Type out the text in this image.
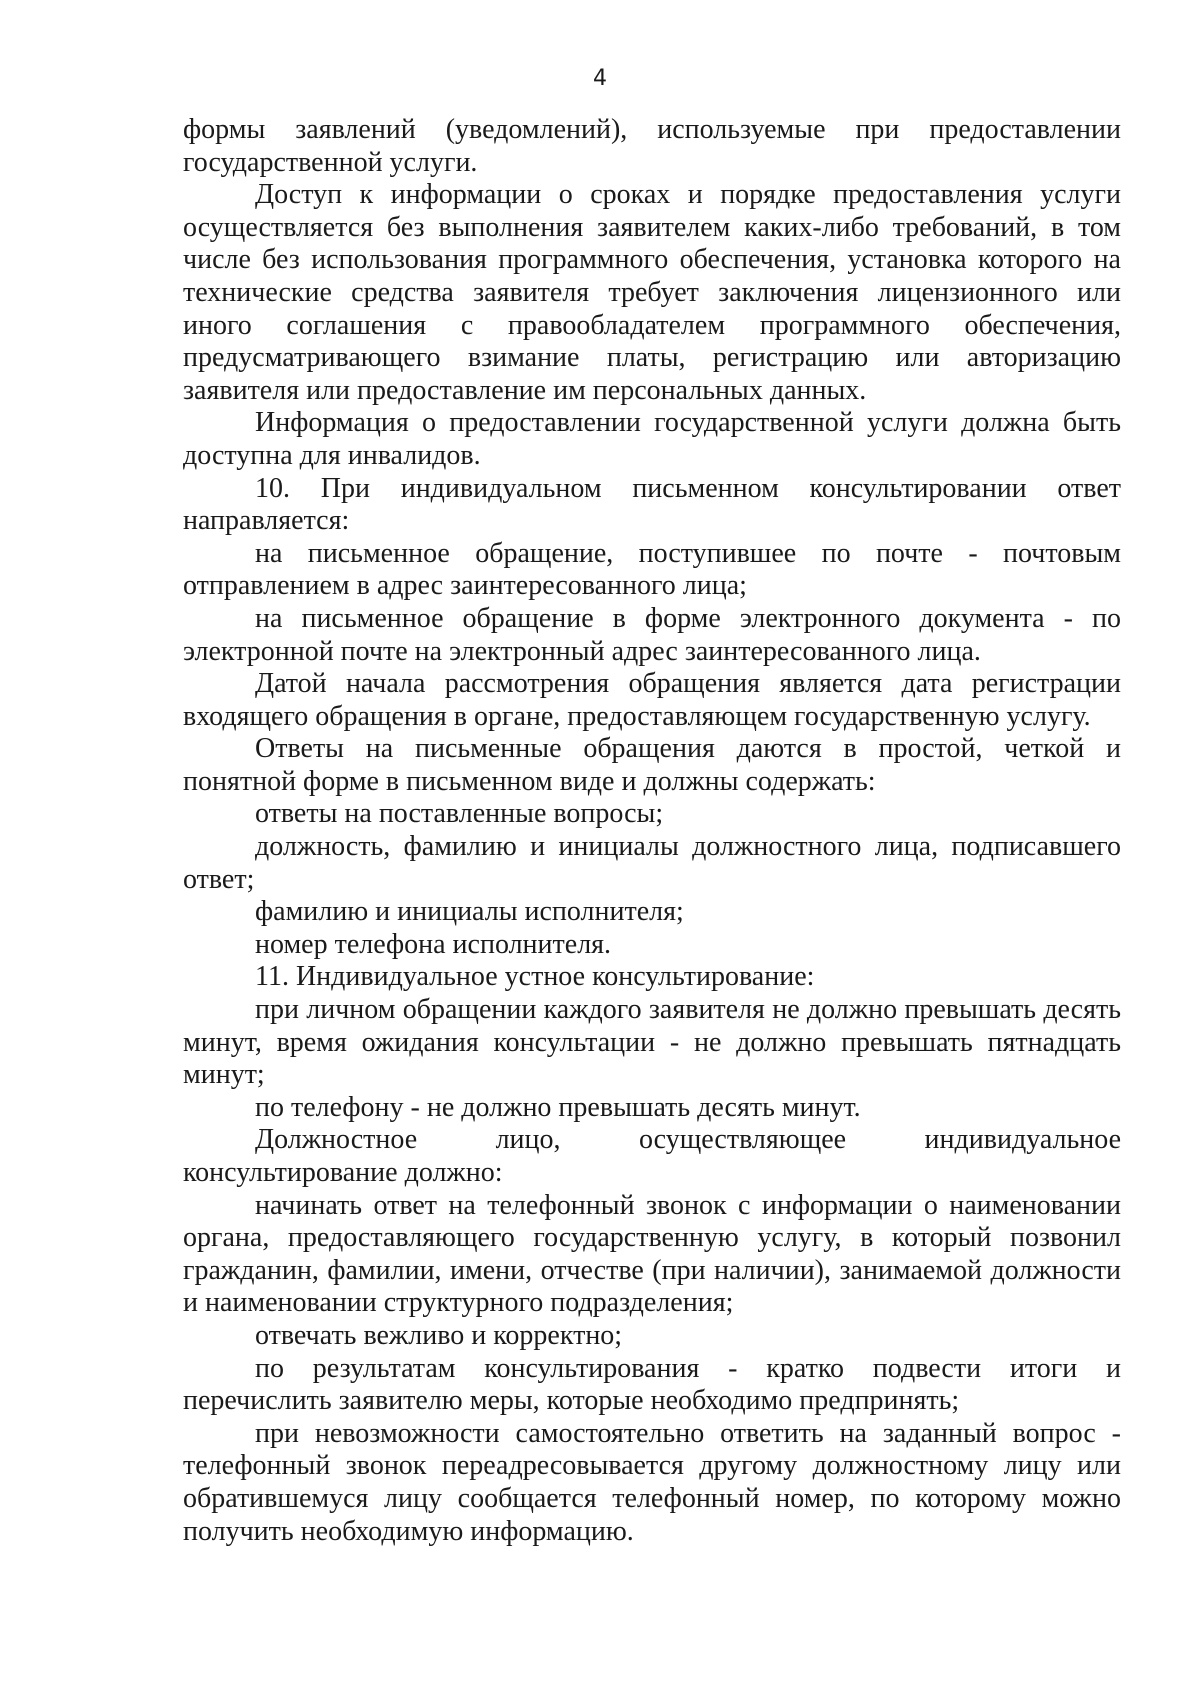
4

формы заявлений (уведомлений), используемые при предоставлении государственной услуги.

Доступ к информации о сроках и порядке предоставления услуги осуществляется без выполнения заявителем каких-либо требований, в том числе без использования программного обеспечения, установка которого на технические средства заявителя требует заключения лицензионного или иного соглашения с правообладателем программного обеспечения, предусматривающего взимание платы, регистрацию или авторизацию заявителя или предоставление им персональных данных.

Информация о предоставлении государственной услуги должна быть доступна для инвалидов.

10. При индивидуальном письменном консультировании ответ направляется:

на письменное обращение, поступившее по почте - почтовым отправлением в адрес заинтересованного лица;

на письменное обращение в форме электронного документа - по электронной почте на электронный адрес заинтересованного лица.

Датой начала рассмотрения обращения является дата регистрации входящего обращения в органе, предоставляющем государственную услугу.

Ответы на письменные обращения даются в простой, четкой и понятной форме в письменном виде и должны содержать:

ответы на поставленные вопросы;

должность, фамилию и инициалы должностного лица, подписавшего ответ;

фамилию и инициалы исполнителя;

номер телефона исполнителя.

11. Индивидуальное устное консультирование:

при личном обращении каждого заявителя не должно превышать десять минут, время ожидания консультации - не должно превышать пятнадцать минут;

по телефону - не должно превышать десять минут.

Должностное лицо, осуществляющее индивидуальное консультирование должно:

начинать ответ на телефонный звонок с информации о наименовании органа, предоставляющего государственную услугу, в который позвонил гражданин, фамилии, имени, отчестве (при наличии), занимаемой должности и наименовании структурного подразделения;

отвечать вежливо и корректно;

по результатам консультирования - кратко подвести итоги и перечислить заявителю меры, которые необходимо предпринять;

при невозможности самостоятельно ответить на заданный вопрос - телефонный звонок переадресовывается другому должностному лицу или обратившемуся лицу сообщается телефонный номер, по которому можно получить необходимую информацию.
